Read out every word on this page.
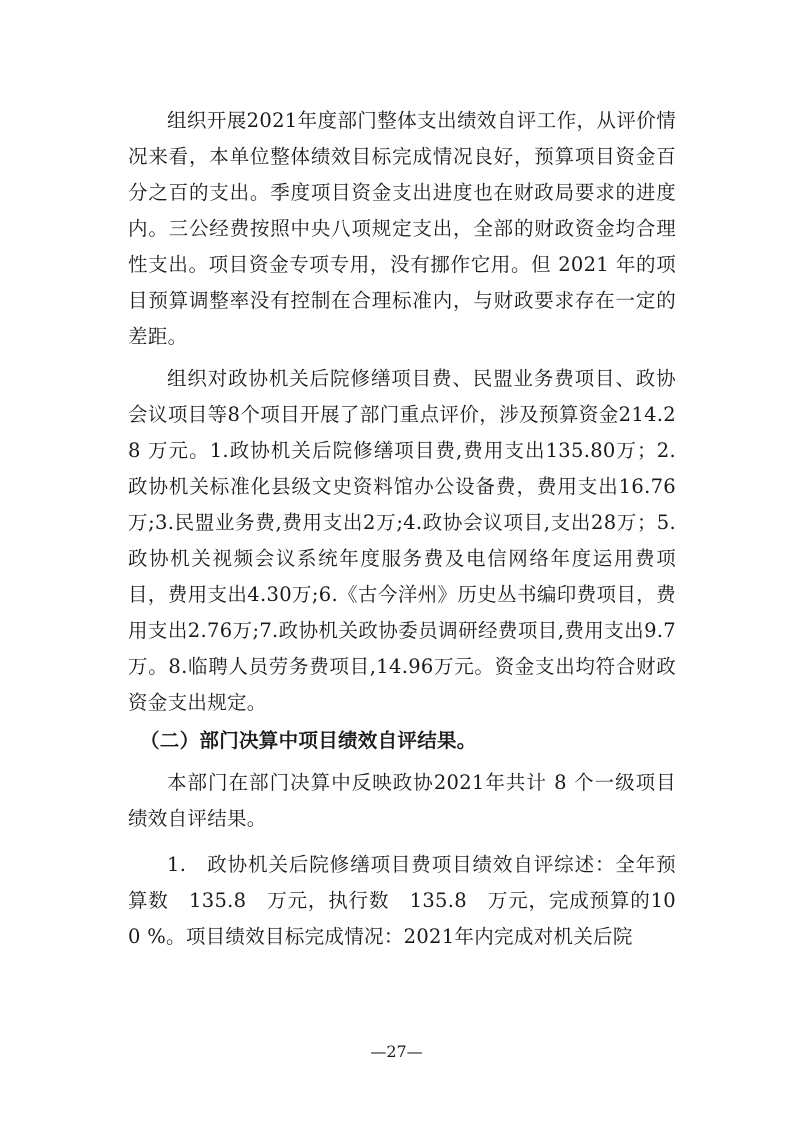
组织开展2021年度部门整体支出绩效自评工作，从评价情况来看，本单位整体绩效目标完成情况良好，预算项目资金百分之百的支出。季度项目资金支出进度也在财政局要求的进度内。三公经费按照中央八项规定支出，全部的财政资金均合理性支出。项目资金专项专用，没有挪作它用。但 2021 年的项目预算调整率没有控制在合理标准内，与财政要求存在一定的差距。

组织对政协机关后院修缮项目费、民盟业务费项目、政协会议项目等8个项目开展了部门重点评价，涉及预算资金214.28 万元。1.政协机关后院修缮项目费,费用支出135.80万；2.政协机关标准化县级文史资料馆办公设备费，费用支出16.76万;3.民盟业务费,费用支出2万;4.政协会议项目,支出28万；5.政协机关视频会议系统年度服务费及电信网络年度运用费项目，费用支出4.30万;6.《古今洋州》历史丛书编印费项目，费用支出2.76万;7.政协机关政协委员调研经费项目,费用支出9.7万。8.临聘人员劳务费项目,14.96万元。资金支出均符合财政资金支出规定。

（二）部门决算中项目绩效自评结果。

本部门在部门决算中反映政协2021年共计 8 个一级项目绩效自评结果。

1.　政协机关后院修缮项目费项目绩效自评综述：全年预算数　135.8　万元，执行数　135.8　万元，完成预算的100 %。项目绩效目标完成情况：2021年内完成对机关后院

—27—
